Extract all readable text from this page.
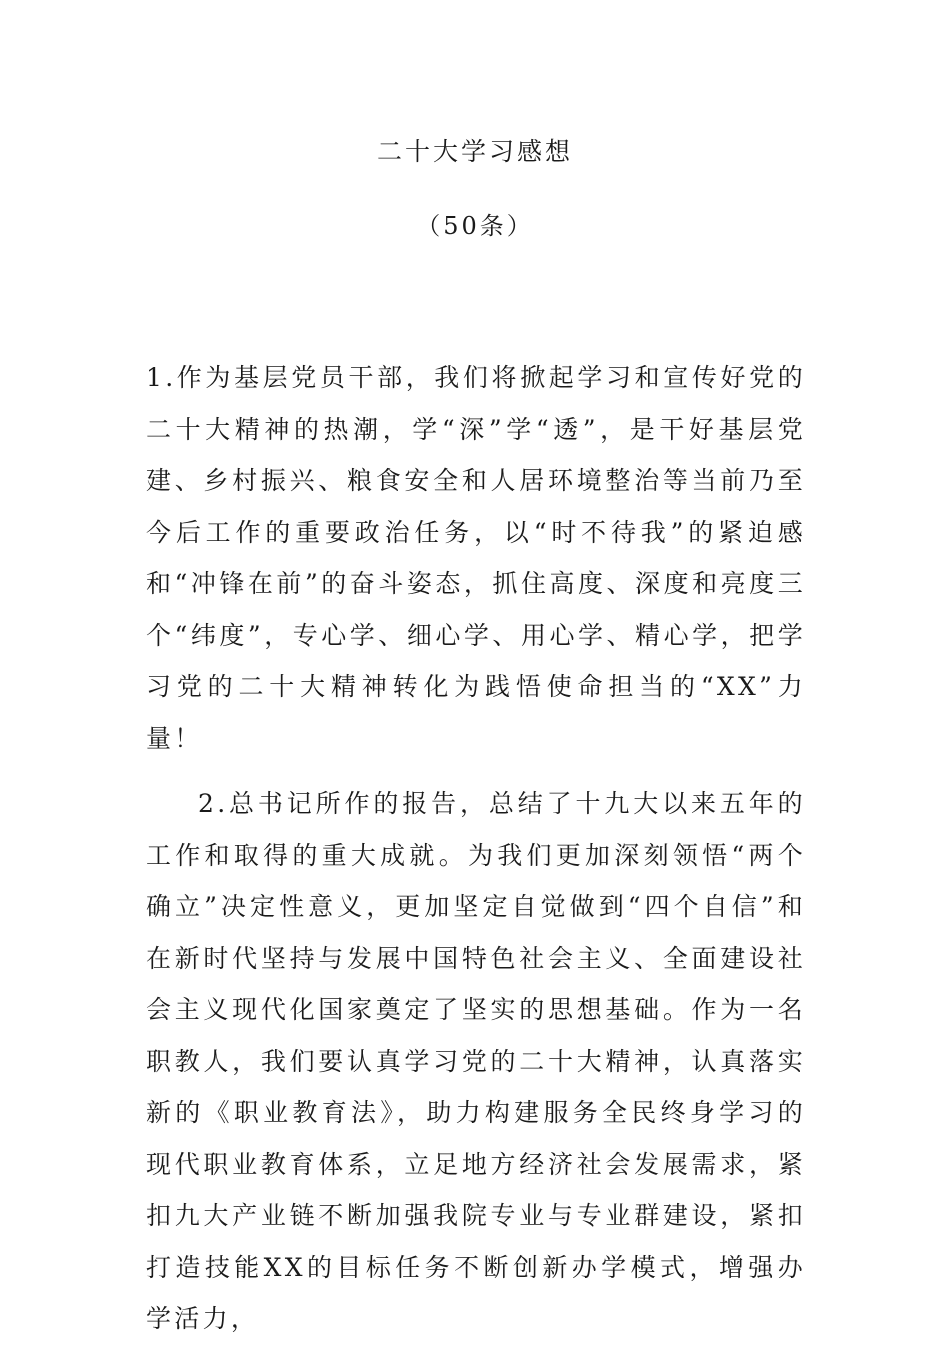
二十大学习感想
（50条）

1.作为基层党员干部，我们将掀起学习和宣传好党的二十大精神的热潮，学“深”学“透”，是干好基层党建、乡村振兴、粮食安全和人居环境整治等当前乃至今后工作的重要政治任务，以“时不待我”的紧迫感和“冲锋在前”的奋斗姿态，抓住高度、深度和亮度三个“纬度”，专心学、细心学、用心学、精心学，把学习党的二十大精神转化为践悟使命担当的“XX”力量！

2.总书记所作的报告，总结了十九大以来五年的工作和取得的重大成就。为我们更加深刻领悟“两个确立”决定性意义，更加坚定自觉做到“四个自信”和在新时代坚持与发展中国特色社会主义、全面建设社会主义现代化国家奠定了坚实的思想基础。作为一名职教人，我们要认真学习党的二十大精神，认真落实新的《职业教育法》，助力构建服务全民终身学习的现代职业教育体系，立足地方经济社会发展需求，紧扣九大产业链不断加强我院专业与专业群建设，紧扣打造技能XX的目标任务不断创新办学模式，增强办学活力，
